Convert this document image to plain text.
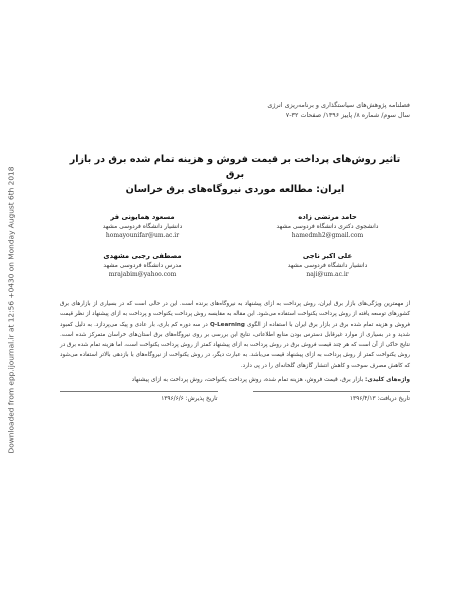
Downloaded from epp.ijournal.ir at 12:56 +0430 on Monday August 6th 2018
فصلنامه پژوهش‌های سیاستگذاری و برنامه‌ریزی انرژی
سال سوم/ شماره ۸/ پاییز ۱۳۹۶/ صفحات ۳۲-۷
تاثیر روش‌های پرداخت بر قیمت فروش و هزینه تمام شده برق در بازار برق
ایران: مطالعه موردی نیروگاه‌های برق خراسان
حامد مرتضی زاده
دانشجوی دکتری دانشگاه فردوسی مشهد
hamedmh2@gmail.com
مسعود همایونی فر
دانشیار دانشگاه فردوسی مشهد
homayounifar@um.ac.ir
علی اکبر ناجی
دانشیار دانشگاه فردوسی مشهد
naji@um.ac.ir
مصطفی رجبی مشهدی
مدرس دانشگاه فردوسی مشهد
mrajabim@yahoo.com
از مهمترین ویژگی‌های بازار برق ایران، روش پرداخت به ازای پیشنهاد به نیروگاه‌های برنده است. این در حالی است که در بسیاری از بازارهای برق کشورهای توسعه یافته از روش پرداخت یکنواخت استفاده می‌شود. این مقاله به مقایسه روش پرداخت یکنواخت و پرداخت به ازای پیشنهاد از نظر قیمت فروش و هزینه تمام شده برق در بازار برق ایران با استفاده از الگوی Q-Learning در سه دوره کم باری، بار عادی و پیک می‌پردازد. به دلیل کمبود شدید و در بسیاری از موارد غیرقابل دسترس بودن منابع اطلاعاتی، نتایج این بررسی بر روی نیروگاه‌های برق استان‌های خراسان متمرکز شده است. نتایج حاکی از آن است که هر چند قیمت فروش برق در روش پرداخت به ازای پیشنهاد کمتر از روش پرداخت یکنواخت است، اما هزینه تمام شده برق در روش یکنواخت کمتر از روش پرداخت به ازای پیشنهاد قیمت می‌باشد. به عبارت دیگر، در روش یکنواخت از نیروگاه‌های با بازدهی بالاتر استفاده می‌شود که کاهش مصرف سوخت و کاهش انتشار گازهای گلخانه‌ای را در پی دارد.
واژه‌های کلیدی: بازار برق، قیمت فروش، هزینه تمام شده، روش پرداخت یکنواخت، روش پرداخت به ازای پیشنهاد
تاریخ دریافت: ۱۳۹۶/۴/۱۳
تاریخ پذیرش: ۱۳۹۶/۶/۶
